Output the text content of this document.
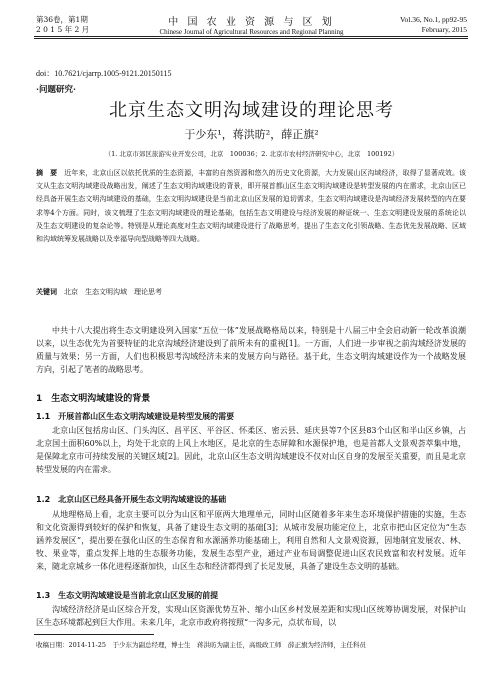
第36卷，第1期
2 0 1 5 年 2 月
中 国 农 业 资 源 与 区 划
Chinese Journal of Agricultural Resources and Regional Planning
Vol.36, No.1, pp92-95
February, 2015
doi：10.7621/cjarrp.1005-9121.20150115
·问题研究·
北京生态文明沟域建设的理论思考
于少东¹，蒋洪昉²，薛正旗²
（1. 北京市郊区旅游实业开发公司，北京　100036；2. 北京市农村经济研究中心，北京　100192）
摘　要　 近年来，北京山区以依托优质的生态资源，丰富的自然资源和悠久的历史文化资源，大力发展山区沟域经济，取得了显著成效。该文从生态文明沟域建设战略出发，阐述了生态文明沟域建设的背景，即开展首都山区生态文明沟域建设是转型发展的内在需求，北京山区已经具备开展生态文明沟域建设的基础，生态文明沟域建设是当前北京山区发展的迫切需求，生态文明沟域建设是沟域经济发展转型的内在要求等4个方面。同时，该文梳理了生态文明沟域建设的理论基础，包括生态文明建设与经济发展的辩证统一、生态文明建设发展的系统论以及生态文明建设的复杂论等。特别是从理论高度对生态文明沟域建设进行了战略思考，提出了生态文化引领战略、生态优先发展战略、区域和沟域统筹发展战略以及幸福导向型战略等四大战略。
关键词　 北京　生态文明沟域　理论思考
中共十八大提出将生态文明建设列入国家“五位一体”发展战略格局以来，特别是十八届三中全会启动新一轮改革浪潮以来，以生态优先为首要特征的北京沟域经济建设到了前所未有的重视[1]。一方面，人们进一步审视之前沟域经济发展的质量与效果；另一方面，人们也积极思考沟域经济未来的发展方向与路径。基于此，生态文明沟域建设作为一个战略发展方向，引起了笔者的战略思考。
1　生态文明沟域建设的背景
1.1　开展首都山区生态文明沟域建设是转型发展的需要
北京山区包括房山区、门头沟区、昌平区、平谷区、怀柔区、密云县、延庆县等7个区县83个山区和半山区乡镇，占北京国土面积60%以上，均处于北京的上风上水地区，是北京的生态屏障和水源保护地，也是首都人文景观荟萃集中地，是保障北京市可持续发展的关键区域[2]。因此，北京山区生态文明沟域建设不仅对山区自身的发展至关重要，而且是北京转型发展的内在需求。
1.2　北京山区已经具备开展生态文明沟域建设的基础
从地理格局上看，北京主要可以分为山区和平原两大地理单元，同时山区随着多年来生态环境保护措施的实施，生态和文化资源得到较好的保护和恢复，具备了建设生态文明的基础[3]；从城市发展功能定位上，北京市把山区定位为“生态涵养发展区”，提出要在强化山区的生态保育和水源涵养功能基础上，利用自然和人文景观资源，因地制宜发展农、林、牧、果业等，重点发挥上地的生态服务功能，发展生态型产业，通过产业布局调整促进山区农民致富和农村发展。近年来，随北京城乡一体化进程逐渐加快，山区生态和经济都得到了长足发展，具备了建设生态文明的基础。
1.3　生态文明沟域建设是当前北京山区发展的前提
沟域经济经济是山区综合开发，实现山区资源优势互补、缩小山区乡村发展差距和实现山区统筹协调发展，对保护山区生态环境都起到巨大作用。未来几年，北京市政府将按照“一沟多元，点状布局，以
收稿日期：2014-11-25　于少东为副总经理，博士生　蒋洪昉为副主任，高级政工师　薛正旗为经济师，主任科员
